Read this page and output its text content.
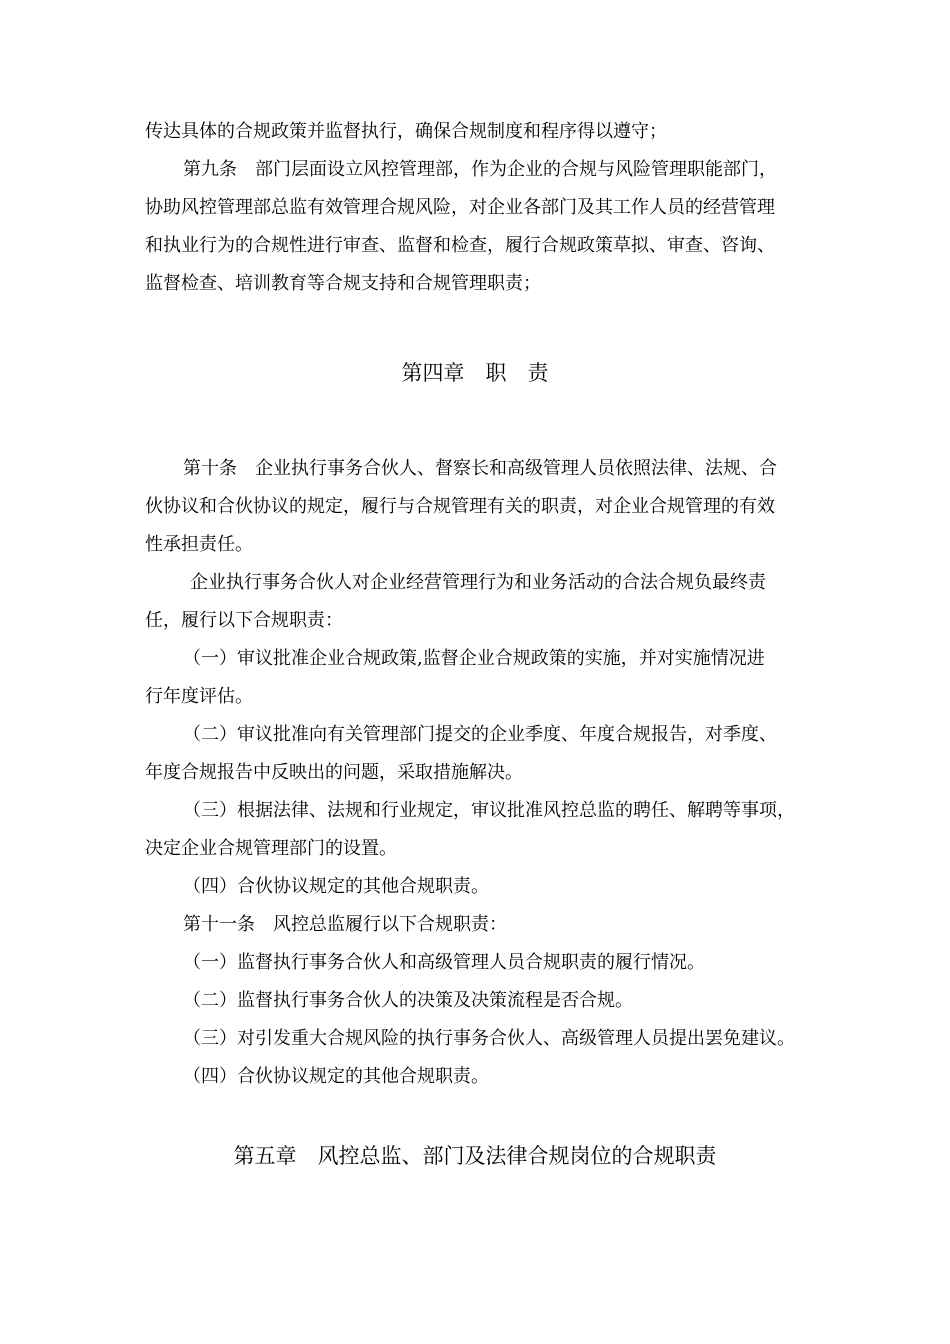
传达具体的合规政策并监督执行，确保合规制度和程序得以遵守；
第九条　部门层面设立风控管理部，作为企业的合规与风险管理职能部门，
协助风控管理部总监有效管理合规风险，对企业各部门及其工作人员的经营管理
和执业行为的合规性进行审查、监督和检查，履行合规政策草拟、审查、咨询、
监督检查、培训教育等合规支持和合规管理职责；
第四章　职　责
第十条　企业执行事务合伙人、督察长和高级管理人员依照法律、法规、合
伙协议和合伙协议的规定，履行与合规管理有关的职责，对企业合规管理的有效
性承担责任。
企业执行事务合伙人对企业经营管理行为和业务活动的合法合规负最终责
任，履行以下合规职责：
（一）审议批准企业合规政策,监督企业合规政策的实施，并对实施情况进
行年度评估。
（二）审议批准向有关管理部门提交的企业季度、年度合规报告，对季度、
年度合规报告中反映出的问题，采取措施解决。
（三）根据法律、法规和行业规定，审议批准风控总监的聘任、解聘等事项，
决定企业合规管理部门的设置。
（四）合伙协议规定的其他合规职责。
第十一条　风控总监履行以下合规职责：
（一）监督执行事务合伙人和高级管理人员合规职责的履行情况。
（二）监督执行事务合伙人的决策及决策流程是否合规。
（三）对引发重大合规风险的执行事务合伙人、高级管理人员提出罢免建议。
（四）合伙协议规定的其他合规职责。
第五章　风控总监、部门及法律合规岗位的合规职责
